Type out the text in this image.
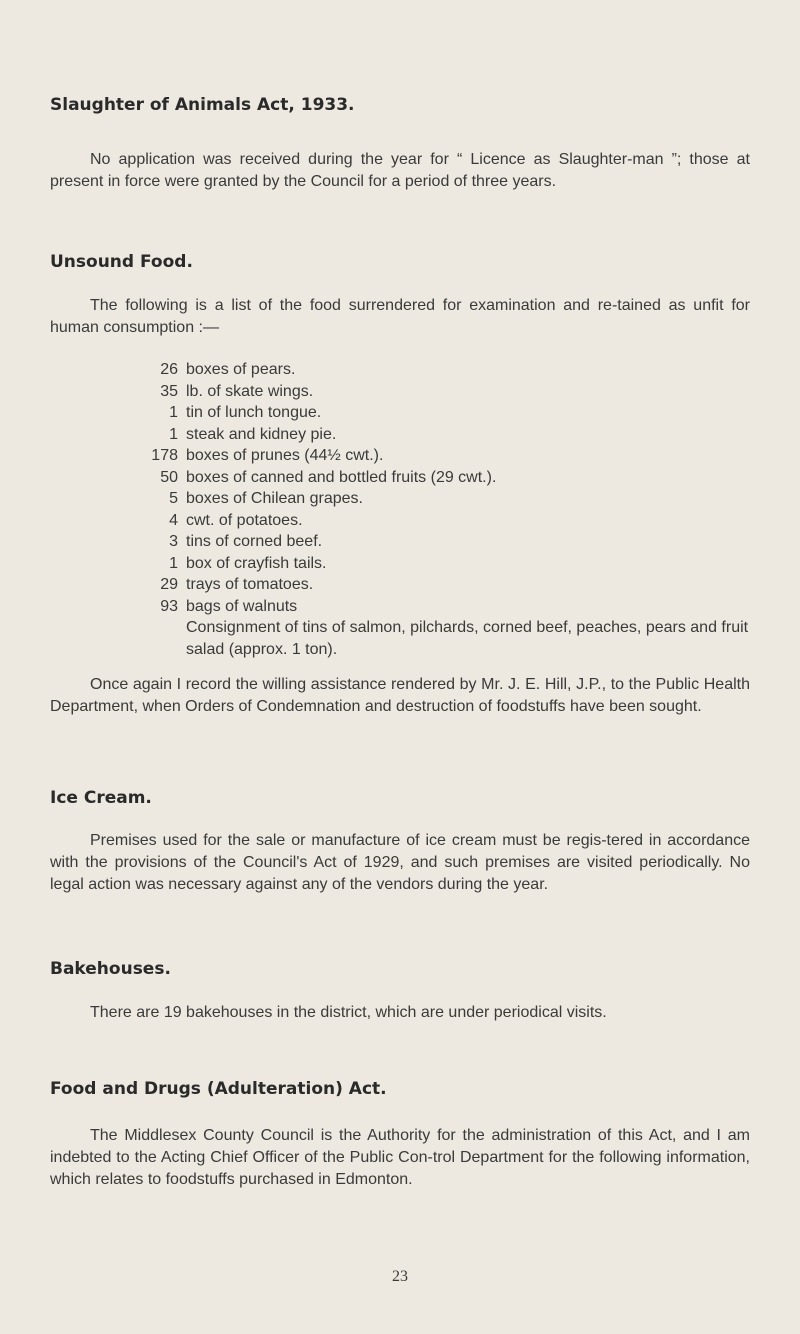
Slaughter of Animals Act, 1933.

No application was received during the year for “ Licence as Slaughter-man ”; those at present in force were granted by the Council for a period of three years.

Unsound Food.

The following is a list of the food surrendered for examination and re-tained as unfit for human consumption :—

26 boxes of pears.
35 lb. of skate wings.
1 tin of lunch tongue.
1 steak and kidney pie.
178 boxes of prunes (44½ cwt.).
50 boxes of canned and bottled fruits (29 cwt.).
5 boxes of Chilean grapes.
4 cwt. of potatoes.
3 tins of corned beef.
1 box of crayfish tails.
29 trays of tomatoes.
93 bags of walnuts

Consignment of tins of salmon, pilchards, corned beef, peaches, pears and fruit salad (approx. 1 ton).

Once again I record the willing assistance rendered by Mr. J. E. Hill, J.P., to the Public Health Department, when Orders of Condemnation and destruction of foodstuffs have been sought.

Ice Cream.

Premises used for the sale or manufacture of ice cream must be regis-tered in accordance with the provisions of the Council's Act of 1929, and such premises are visited periodically. No legal action was necessary against any of the vendors during the year.

Bakehouses.

There are 19 bakehouses in the district, which are under periodical visits.

Food and Drugs (Adulteration) Act.

The Middlesex County Council is the Authority for the administration of this Act, and I am indebted to the Acting Chief Officer of the Public Con-trol Department for the following information, which relates to foodstuffs purchased in Edmonton.

23
